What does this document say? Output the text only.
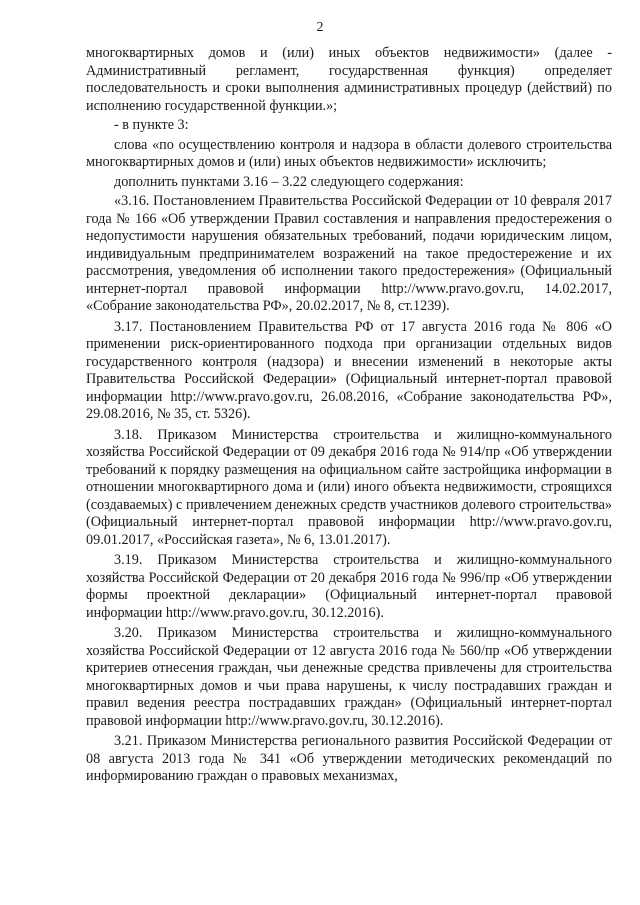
2

многоквартирных домов и (или) иных объектов недвижимости» (далее - Административный регламент, государственная функция) определяет последовательность и сроки выполнения административных процедур (действий) по исполнению государственной функции.»;

- в пункте 3:

слова «по осуществлению контроля и надзора в области долевого строительства многоквартирных домов и (или) иных объектов недвижимости» исключить;

дополнить пунктами 3.16 – 3.22 следующего содержания:

«3.16. Постановлением Правительства Российской Федерации от 10 февраля 2017 года № 166 «Об утверждении Правил составления и направления предостережения о недопустимости нарушения обязательных требований, подачи юридическим лицом, индивидуальным предпринимателем возражений на такое предостережение и их рассмотрения, уведомления об исполнении такого предостережения» (Официальный интернет-портал правовой информации http://www.pravo.gov.ru, 14.02.2017, «Собрание законодательства РФ», 20.02.2017, № 8, ст.1239).

3.17. Постановлением Правительства РФ от 17 августа 2016 года № 806 «О применении риск-ориентированного подхода при организации отдельных видов государственного контроля (надзора) и внесении изменений в некоторые акты Правительства Российской Федерации» (Официальный интернет-портал правовой информации http://www.pravo.gov.ru, 26.08.2016, «Собрание законодательства РФ», 29.08.2016, № 35, ст. 5326).

3.18. Приказом Министерства строительства и жилищно-коммунального хозяйства Российской Федерации от 09 декабря 2016 года № 914/пр «Об утверждении требований к порядку размещения на официальном сайте застройщика информации в отношении многоквартирного дома и (или) иного объекта недвижимости, строящихся (создаваемых) с привлечением денежных средств участников долевого строительства» (Официальный интернет-портал правовой информации http://www.pravo.gov.ru, 09.01.2017, «Российская газета», № 6, 13.01.2017).

3.19. Приказом Министерства строительства и жилищно-коммунального хозяйства Российской Федерации от 20 декабря 2016 года № 996/пр «Об утверждении формы проектной декларации» (Официальный интернет-портал правовой информации http://www.pravo.gov.ru, 30.12.2016).

3.20. Приказом Министерства строительства и жилищно-коммунального хозяйства Российской Федерации от 12 августа 2016 года № 560/пр «Об утверждении критериев отнесения граждан, чьи денежные средства привлечены для строительства многоквартирных домов и чьи права нарушены, к числу пострадавших граждан и правил ведения реестра пострадавших граждан» (Официальный интернет-портал правовой информации http://www.pravo.gov.ru, 30.12.2016).

3.21. Приказом Министерства регионального развития Российской Федерации от 08 августа 2013 года № 341 «Об утверждении методических рекомендаций по информированию граждан о правовых механизмах,
